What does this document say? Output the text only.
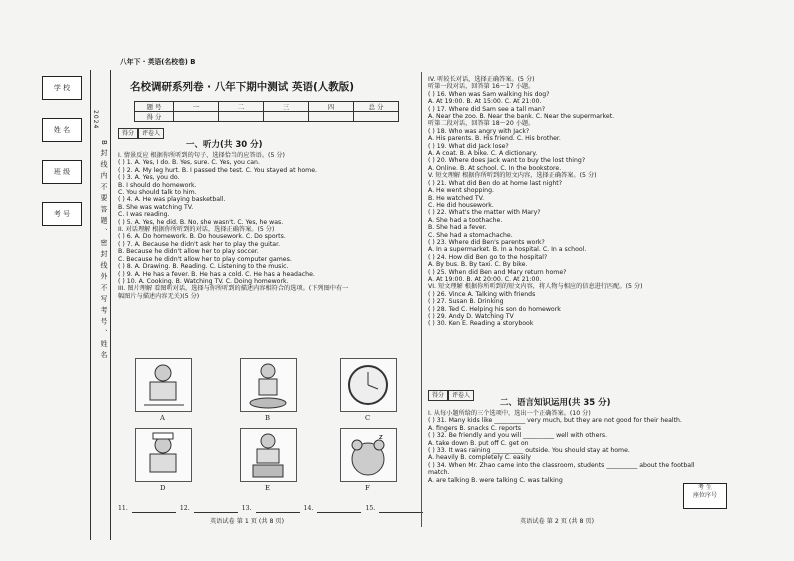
八年下 · 英语(名校卷) B
学 校
姓 名
班 级
考 号
2024
B 封 线 内 不 要 答 题 、 密 封 线 外 不 写 考 号 、 姓 名
名校调研系列卷 · 八年下期中测试 英语(人教版)
题 号	一	二	三	四	总 分
得 分					
得分	评卷人
一、听力(共 30 分)
I. 情景反应 根据你所听到的句子，选择恰当的应答语。(5 分)
( ) 1. A. Yes, I do. B. Yes, sure. C. Yes, you can.
( ) 2. A. My leg hurt. B. I passed the test. C. You stayed at home.
( ) 3. A. Yes, you do.
B. I should do homework.
C. You should talk to him.
( ) 4. A. He was playing basketball.
B. She was watching TV.
C. I was reading.
( ) 5. A. Yes, he did. B. No, she wasn't. C. Yes, he was.
II. 对话理解 根据你所听到的对话，选择正确答案。(5 分)
( ) 6. A. Do homework. B. Do housework. C. Do sports.
( ) 7. A. Because he didn't ask her to play the guitar.
B. Because he didn't allow her to play soccer.
C. Because he didn't allow her to play computer games.
( ) 8. A. Drawing. B. Reading. C. Listening to the music.
( ) 9. A. He has a fever. B. He has a cold. C. He has a headache.
( ) 10. A. Cooking. B. Watching TV. C. Doing homework.
III. 图片理解 看图听对话，选择与你所听到的描述内容相符合的选项。(下列图中有一
幅图片与描述内容无关)(5 分)
A	B	C
D	E
z
F
11.	12.	13.	14.	15.
英语试卷 第 1 页 (共 8 页)
IV. 听较长对话，选择正确答案。(5 分)
听第一段对话，回答第 16～17 小题。
( ) 16. When was Sam walking his dog?
A. At 19:00. B. At 15:00. C. At 21:00.
( ) 17. Where did Sam see a tall man?
A. Near the zoo. B. Near the bank. C. Near the supermarket.
听第二段对话，回答第 18～20 小题。
( ) 18. Who was angry with Jack?
A. His parents. B. His friend. C. His brother.
( ) 19. What did Jack lose?
A. A coat. B. A bike. C. A dictionary.
( ) 20. Where does Jack want to buy the lost thing?
A. Online. B. At school. C. In the bookstore.
V. 短文理解 根据你所听到的短文内容，选择正确答案。(5 分)
( ) 21. What did Ben do at home last night?
A. He went shopping.
B. He watched TV.
C. He did housework.
( ) 22. What's the matter with Mary?
A. She had a toothache.
B. She had a fever.
C. She had a stomachache.
( ) 23. Where did Ben's parents work?
A. In a supermarket. B. In a hospital. C. In a school.
( ) 24. How did Ben go to the hospital?
A. By bus. B. By taxi. C. By bike.
( ) 25. When did Ben and Mary return home?
A. At 19:00. B. At 20:00. C. At 21:00.
VI. 短文理解 根据你所听到的短文内容，将人物与相应的信息进行匹配。(5 分)
( ) 26. Vince A. Talking with friends
( ) 27. Susan B. Drinking
( ) 28. Ted C. Helping his son do homework
( ) 29. Andy D. Watching TV
( ) 30. Ken E. Reading a storybook
得分	评卷人
二、语言知识运用(共 35 分)
I. 从每小题所给的三个选项中，选出一个正确答案。(10 分)
( ) 31. Many kids like __________ very much, but they are not good for their health.
A. fingers B. snacks C. reports
( ) 32. Be friendly and you will __________ well with others.
A. take down B. put off C. get on
( ) 33. It was raining __________ outside. You should stay at home.
A. heavily B. completely C. easily
( ) 34. When Mr. Zhao came into the classroom, students __________ about the football
match.
A. are talking B. were talking C. was talking
考 生
座位序号
英语试卷 第 2 页 (共 8 页)
